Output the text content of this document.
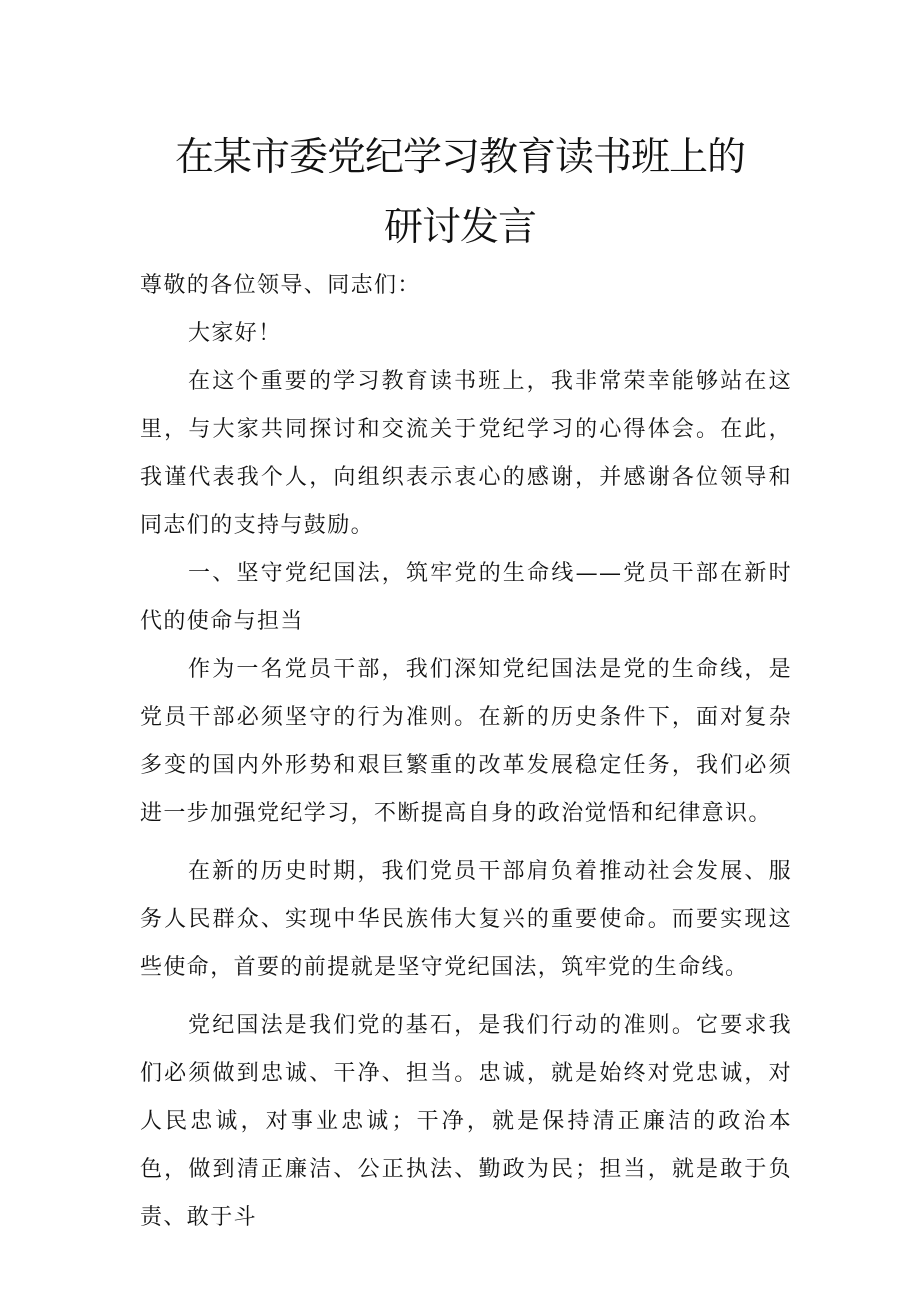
在某市委党纪学习教育读书班上的
研讨发言

尊敬的各位领导、同志们：

大家好！

在这个重要的学习教育读书班上，我非常荣幸能够站在这里，与大家共同探讨和交流关于党纪学习的心得体会。在此，我谨代表我个人，向组织表示衷心的感谢，并感谢各位领导和同志们的支持与鼓励。

一、坚守党纪国法，筑牢党的生命线——党员干部在新时代的使命与担当

作为一名党员干部，我们深知党纪国法是党的生命线，是党员干部必须坚守的行为准则。在新的历史条件下，面对复杂多变的国内外形势和艰巨繁重的改革发展稳定任务，我们必须进一步加强党纪学习，不断提高自身的政治觉悟和纪律意识。

在新的历史时期，我们党员干部肩负着推动社会发展、服务人民群众、实现中华民族伟大复兴的重要使命。而要实现这些使命，首要的前提就是坚守党纪国法，筑牢党的生命线。

党纪国法是我们党的基石，是我们行动的准则。它要求我们必须做到忠诚、干净、担当。忠诚，就是始终对党忠诚，对人民忠诚，对事业忠诚；干净，就是保持清正廉洁的政治本色，做到清正廉洁、公正执法、勤政为民；担当，就是敢于负责、敢于斗
